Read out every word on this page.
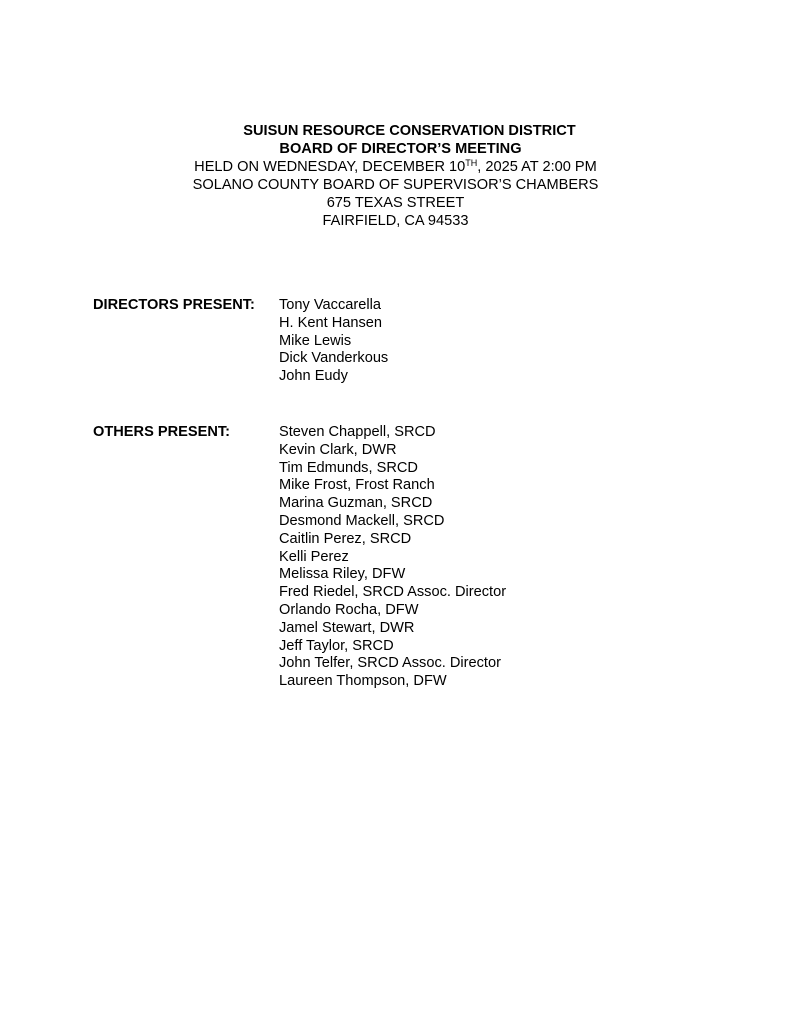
SUISUN RESOURCE CONSERVATION DISTRICT
BOARD OF DIRECTOR’S MEETING
HELD ON WEDNESDAY, DECEMBER 10TH, 2025 AT 2:00 PM
SOLANO COUNTY BOARD OF SUPERVISOR’S CHAMBERS
675 TEXAS STREET
FAIRFIELD, CA 94533
DIRECTORS PRESENT:	Tony Vaccarella
H. Kent Hansen
Mike Lewis
Dick Vanderkous
John Eudy
OTHERS PRESENT:	Steven Chappell, SRCD
Kevin Clark, DWR
Tim Edmunds, SRCD
Mike Frost, Frost Ranch
Marina Guzman, SRCD
Desmond Mackell, SRCD
Caitlin Perez, SRCD
Kelli Perez
Melissa Riley, DFW
Fred Riedel, SRCD Assoc. Director
Orlando Rocha, DFW
Jamel Stewart, DWR
Jeff Taylor, SRCD
John Telfer, SRCD Assoc. Director
Laureen Thompson, DFW
